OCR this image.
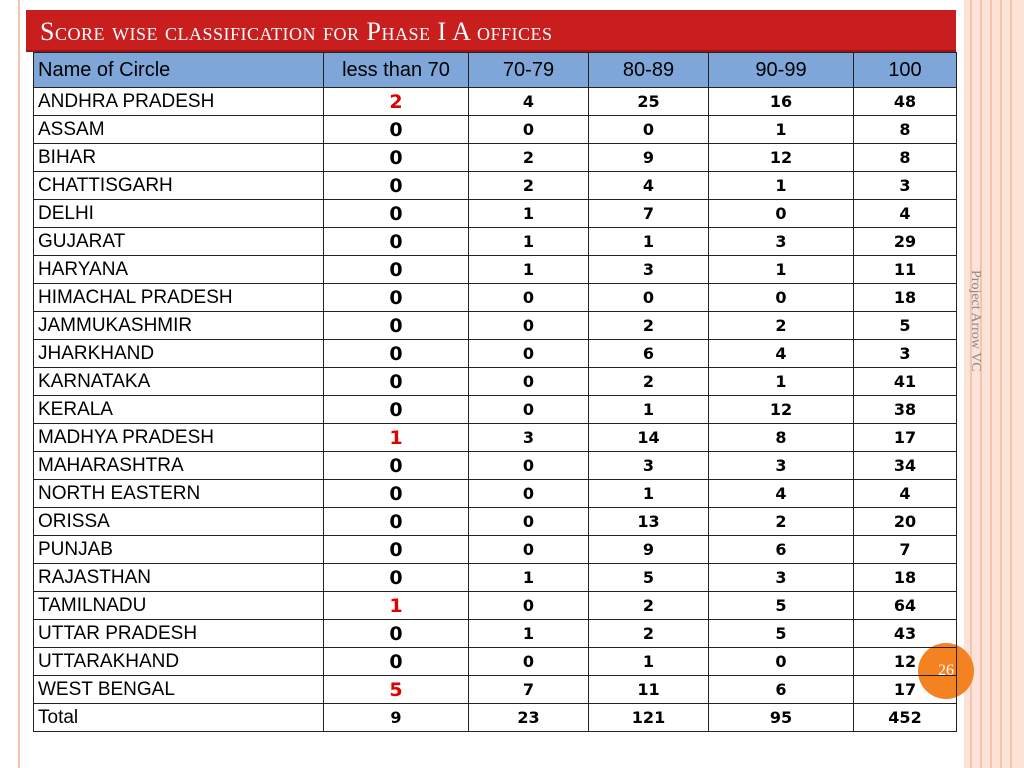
Score wise classification for Phase I A offices
Project Arrow VC
26
Name of Circle	less than 70	70-79	80-89	90-99	100
ANDHRA PRADESH	2	4	25	16	48
ASSAM	0	0	0	1	8
BIHAR	0	2	9	12	8
CHATTISGARH	0	2	4	1	3
DELHI	0	1	7	0	4
GUJARAT	0	1	1	3	29
HARYANA	0	1	3	1	11
HIMACHAL PRADESH	0	0	0	0	18
JAMMUKASHMIR	0	0	2	2	5
JHARKHAND	0	0	6	4	3
KARNATAKA	0	0	2	1	41
KERALA	0	0	1	12	38
MADHYA PRADESH	1	3	14	8	17
MAHARASHTRA	0	0	3	3	34
NORTH EASTERN	0	0	1	4	4
ORISSA	0	0	13	2	20
PUNJAB	0	0	9	6	7
RAJASTHAN	0	1	5	3	18
TAMILNADU	1	0	2	5	64
UTTAR PRADESH	0	1	2	5	43
UTTARAKHAND	0	0	1	0	12
WEST BENGAL	5	7	11	6	17
Total	9	23	121	95	452
